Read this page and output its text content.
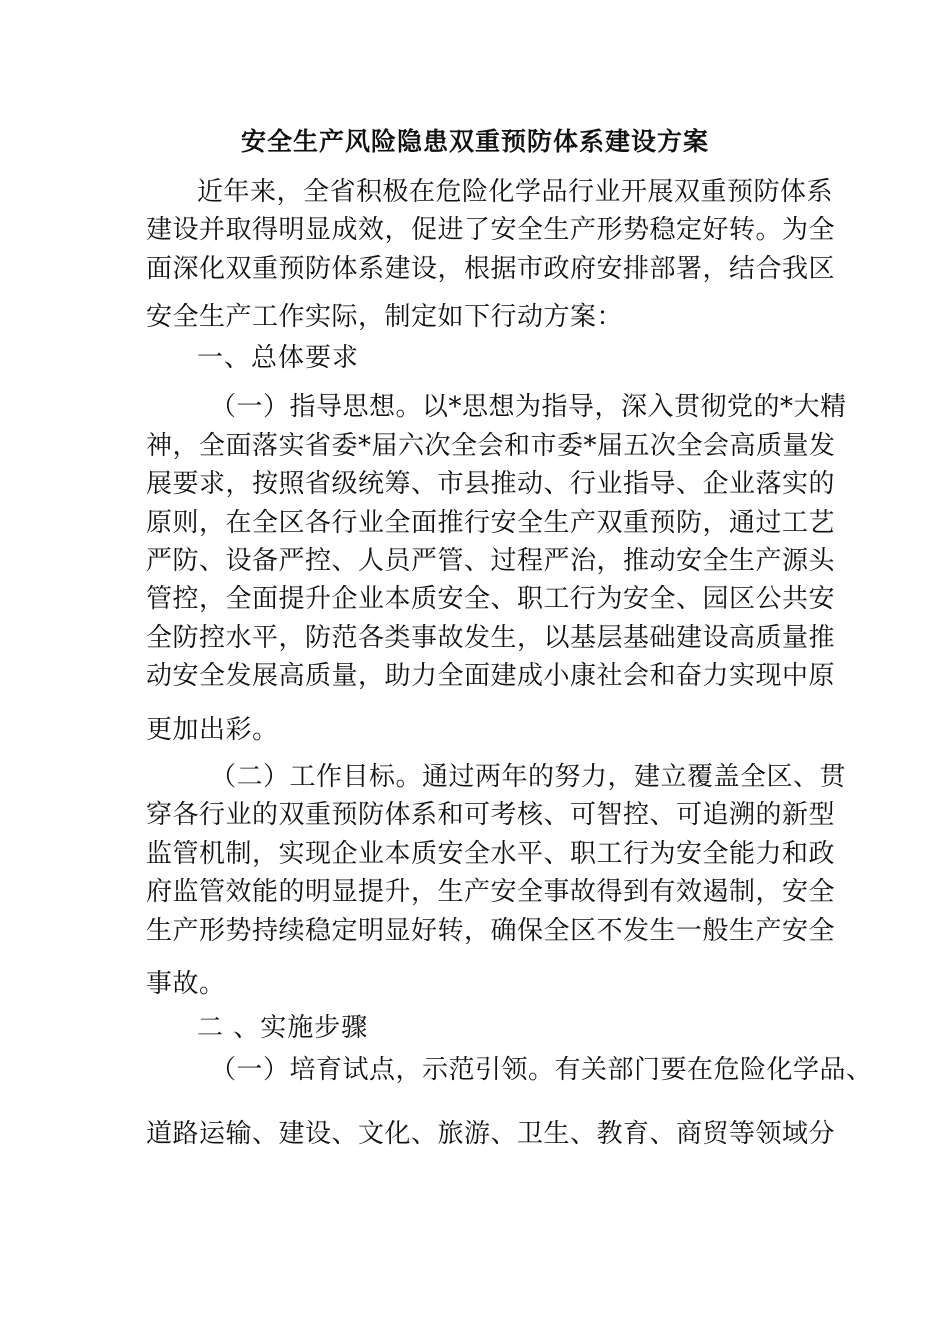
安全生产风险隐患双重预防体系建设方案
近年来，全省积极在危险化学品行业开展双重预防体系
建设并取得明显成效，促进了安全生产形势稳定好转。为全
面深化双重预防体系建设，根据市政府安排部署，结合我区
安全生产工作实际，制定如下行动方案：
一、总体要求
（一）指导思想。以*思想为指导，深入贯彻党的*大精
神，全面落实省委*届六次全会和市委*届五次全会高质量发
展要求，按照省级统筹、市县推动、行业指导、企业落实的
原则，在全区各行业全面推行安全生产双重预防，通过工艺
严防、设备严控、人员严管、过程严治，推动安全生产源头
管控，全面提升企业本质安全、职工行为安全、园区公共安
全防控水平，防范各类事故发生，以基层基础建设高质量推
动安全发展高质量，助力全面建成小康社会和奋力实现中原
更加出彩。
（二）工作目标。通过两年的努力，建立覆盖全区、贯
穿各行业的双重预防体系和可考核、可智控、可追溯的新型
监管机制，实现企业本质安全水平、职工行为安全能力和政
府监管效能的明显提升，生产安全事故得到有效遏制，安全
生产形势持续稳定明显好转，确保全区不发生一般生产安全
事故。
二 、实施步骤
（一）培育试点，示范引领。有关部门要在危险化学品、
道路运输、建设、文化、旅游、卫生、教育、商贸等领域分
